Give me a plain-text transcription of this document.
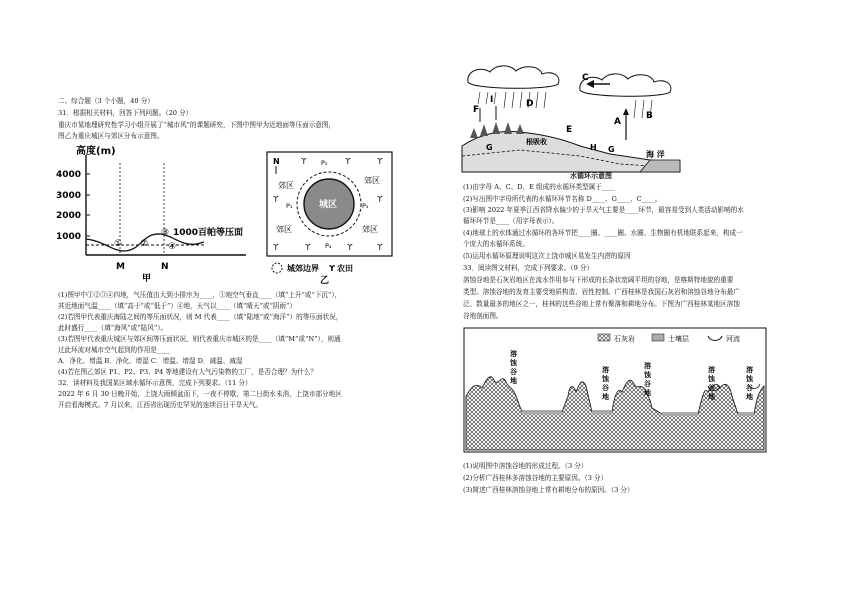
二、综合题（3 个小题，40 分）
31．根据相关材料，回答下列问题。（20 分）
重庆市某地理研究性学习小组开展了“城市风”的课题研究，下图中图甲为近地面等压面示意图，
图乙为重庆城区与郊区分布示意图。
高度(m)
4000
3000
2000
1000
① ②
③
④
1000百帕等压面
M	N
甲
N
城区
郊区
郊区
郊区	郊区
P₂
P₁	P₃
P₄
ϒ	ϒ	ϒ
ϒ	ϒ
ϒ	ϒ	ϒ	ϒ
城郊边界 ϒ 农田
乙
(1)图甲中①②③④四地，气压值由大到小排序为____，①地空气垂直____（填“上升”或“下沉”），
其近地面气温____（填“高于”或“低于”）④地，天气以____（填“晴天”或“阴雨”）
(2)若图甲代表重庆海陆之间的等压面状况，则 M 代表____（填“陆地”或“海洋”）的等压面状况，
此时盛行____（填“海风”或“陆风”）。
(3)若图甲代表重庆城区与郊区间等压面状况，则代表重庆市城区的是____（填“M”或“N”），则通
过此环流对城市空气起到的作用是____
A．净化、增温 B．净化、增湿 C．增温、增湿 D．减温、减湿
(4)若在图乙郊区 P1、P2、P3、P4 等地建设有大气污染物的工厂，是否合理？为什么？
32．读材料及我国某区域水循环示意图，完成下列要求。（11 分）
2022 年 6 月 30 日晚开始，上饶大雨倾盆而下，一夜不停歇，第二日街水未消，上饶市部分地区
开启看海模式。7 月以来，江西省出现历史罕见的连续百日干旱天气。
C
A
B
D
E
F
I
海 洋
根吸收
G	G
H
水循环示意图
(1)由字母 A、C、D、E 组成的水循环类型属于____
(2)写出图中字母所代表的水循环环节名称 D____、G____、C____。
(3)影响 2022 年夏季江西省降水偏少的于旱天气主要是____环节，最容易受到人类活动影响的水
循环环节是____（用字母表示）。
(4)地球上的水体通过水循环的各环节把____圈、____圈、水圈、生物圈有机地联系起来，构成一
个庞大的水循环系统。
(5)运用水循环原理说明这次上饶市城区易发生内涝的原因
33．阅读图文材料，完成下列要求。（9 分）
溶蚀谷地是石灰岩地区在流水作用参与下形成的长条状宽阔平坦的谷地，是喀斯特地貌的重要
类型。溶蚀谷地的发育主要受地质构造、岩性控制。广西桂林是我国石灰岩和溶蚀谷地分布最广
泛、数量最多的地区之一，桂林的这些谷地上常有聚落和耕地分布。下图为广西桂林某地区溶蚀
谷地剖面图。
石灰岩	土壤层	河流
溶
蚀
谷
地
溶
蚀
谷
地
溶
蚀
谷
地
溶
蚀
谷
地
溶
蚀
谷
地
(1)说明图中溶蚀谷地的形成过程。（3 分）
(2)分析广西桂林多溶蚀谷地的主要原因。（3 分）
(3)简述广西桂林溶蚀谷地上常有耕地分布的原因。（3 分）
